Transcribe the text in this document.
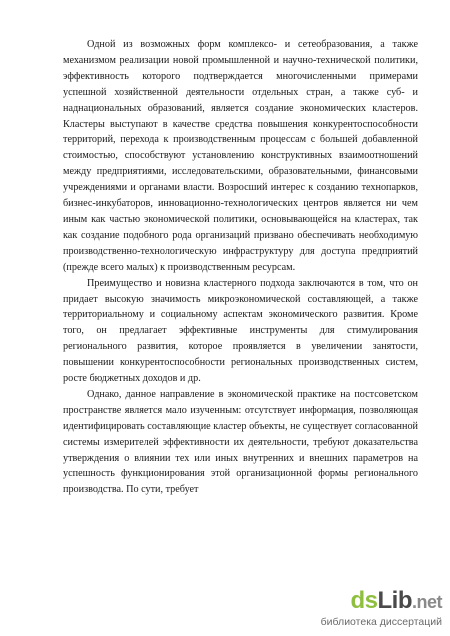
Одной из возможных форм комплексо- и сетеобразования, а также механизмом реализации новой промышленной и научно-технической политики, эффективность которого подтверждается многочисленными примерами успешной хозяйственной деятельности отдельных стран, а также суб- и наднациональных образований, является создание экономических кластеров. Кластеры выступают в качестве средства повышения конкурентоспособности территорий, перехода к производственным процессам с большей добавленной стоимостью, способствуют установлению конструктивных взаимоотношений между предприятиями, исследовательскими, образовательными, финансовыми учреждениями и органами власти. Возросший интерес к созданию технопарков, бизнес-инкубаторов, инновационно-технологических центров является ни чем иным как частью экономической политики, основывающейся на кластерах, так как создание подобного рода организаций призвано обеспечивать необходимую производственно-технологическую инфраструктуру для доступа предприятий (прежде всего малых) к производственным ресурсам.

Преимущество и новизна кластерного подхода заключаются в том, что он придает высокую значимость микроэкономической составляющей, а также территориальному и социальному аспектам экономического развития. Кроме того, он предлагает эффективные инструменты для стимулирования регионального развития, которое проявляется в увеличении занятости, повышении конкурентоспособности региональных производственных систем, росте бюджетных доходов и др.

Однако, данное направление в экономической практике на постсоветском пространстве является мало изученным: отсутствует информация, позволяющая идентифицировать составляющие кластер объекты, не существует согласованной системы измерителей эффективности их деятельности, требуют доказательства утверждения о влиянии тех или иных внутренних и внешних параметров на успешность функционирования этой организационной формы регионального производства. По сути, требует

dsLib.net
библиотека диссертаций
